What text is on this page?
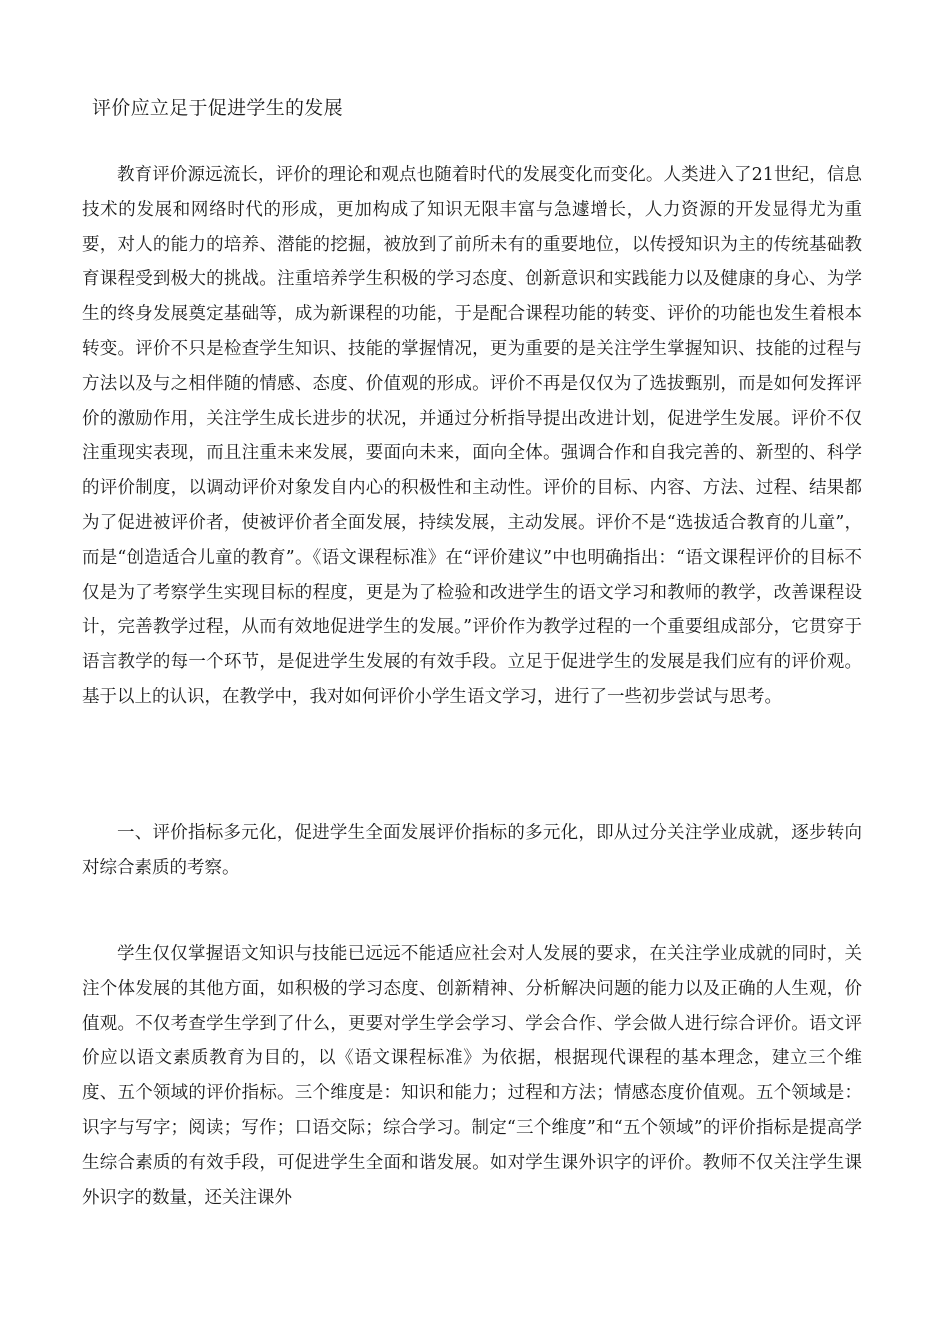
评价应立足于促进学生的发展

教育评价源远流长，评价的理论和观点也随着时代的发展变化而变化。人类进入了21世纪，信息技术的发展和网络时代的形成，更加构成了知识无限丰富与急遽增长，人力资源的开发显得尤为重要，对人的能力的培养、潜能的挖掘，被放到了前所未有的重要地位，以传授知识为主的传统基础教育课程受到极大的挑战。注重培养学生积极的学习态度、创新意识和实践能力以及健康的身心、为学生的终身发展奠定基础等，成为新课程的功能，于是配合课程功能的转变、评价的功能也发生着根本转变。评价不只是检查学生知识、技能的掌握情况，更为重要的是关注学生掌握知识、技能的过程与方法以及与之相伴随的情感、态度、价值观的形成。评价不再是仅仅为了选拔甄别，而是如何发挥评价的激励作用，关注学生成长进步的状况，并通过分析指导提出改进计划，促进学生发展。评价不仅注重现实表现，而且注重未来发展，要面向未来，面向全体。强调合作和自我完善的、新型的、科学的评价制度，以调动评价对象发自内心的积极性和主动性。评价的目标、内容、方法、过程、结果都为了促进被评价者，使被评价者全面发展，持续发展，主动发展。评价不是“选拔适合教育的儿童”，而是“创造适合儿童的教育”。《语文课程标准》在“评价建议”中也明确指出：“语文课程评价的目标不仅是为了考察学生实现目标的程度，更是为了检验和改进学生的语文学习和教师的教学，改善课程设计，完善教学过程，从而有效地促进学生的发展。”评价作为教学过程的一个重要组成部分，它贯穿于语言教学的每一个环节，是促进学生发展的有效手段。立足于促进学生的发展是我们应有的评价观。基于以上的认识，在教学中，我对如何评价小学生语文学习，进行了一些初步尝试与思考。

一、评价指标多元化，促进学生全面发展评价指标的多元化，即从过分关注学业成就，逐步转向对综合素质的考察。

学生仅仅掌握语文知识与技能已远远不能适应社会对人发展的要求，在关注学业成就的同时，关注个体发展的其他方面，如积极的学习态度、创新精神、分析解决问题的能力以及正确的人生观，价值观。不仅考查学生学到了什么，更要对学生学会学习、学会合作、学会做人进行综合评价。语文评价应以语文素质教育为目的，以《语文课程标准》为依据，根据现代课程的基本理念，建立三个维度、五个领域的评价指标。三个维度是：知识和能力；过程和方法；情感态度价值观。五个领域是：识字与写字；阅读；写作；口语交际；综合学习。制定“三个维度”和“五个领域”的评价指标是提高学生综合素质的有效手段，可促进学生全面和谐发展。如对学生课外识字的评价。教师不仅关注学生课外识字的数量，还关注课外
